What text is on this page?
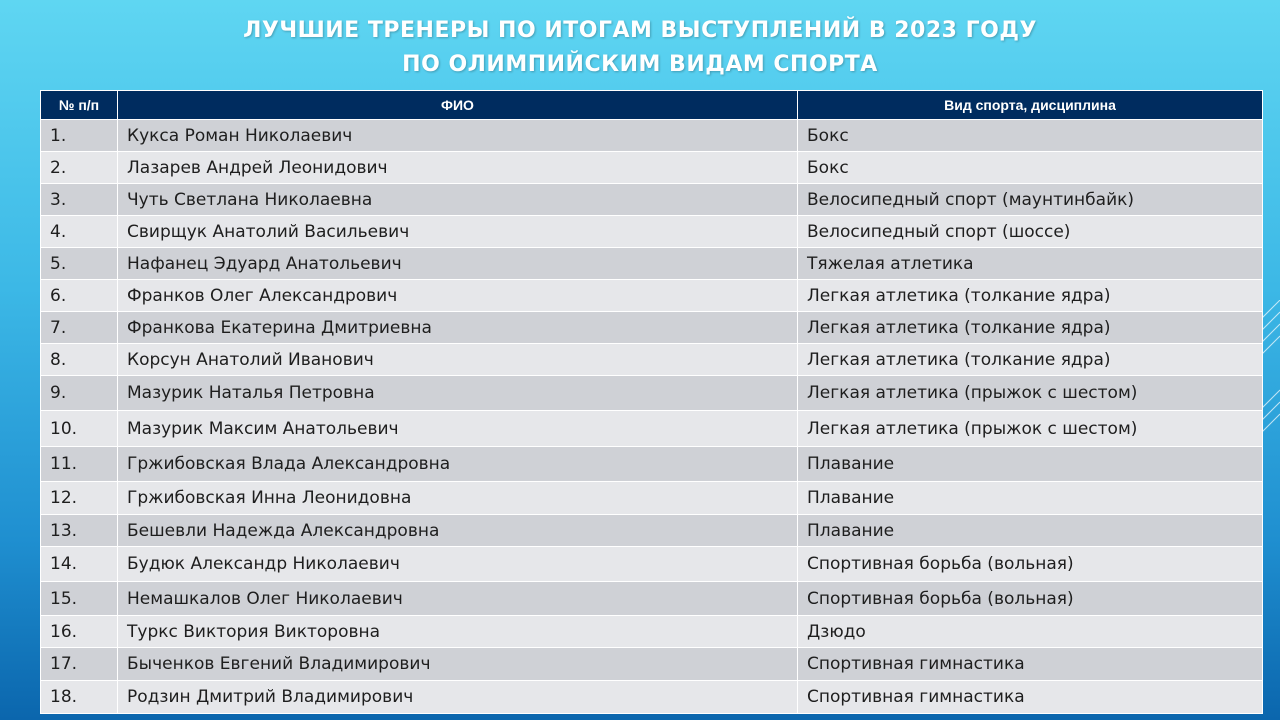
ЛУЧШИЕ ТРЕНЕРЫ ПО ИТОГАМ ВЫСТУПЛЕНИЙ В 2023 ГОДУ
ПО ОЛИМПИЙСКИМ ВИДАМ СПОРТА
№ п/п	ФИО	Вид спорта, дисциплина
1.	Кукса Роман Николаевич	Бокс
2.	Лазарев Андрей Леонидович	Бокс
3.	Чуть Светлана Николаевна	Велосипедный спорт (маунтинбайк)
4.	Свирщук Анатолий Васильевич	Велосипедный спорт (шоссе)
5.	Нафанец Эдуард Анатольевич	Тяжелая атлетика
6.	Франков Олег Александрович	Легкая атлетика (толкание ядра)
7.	Франкова Екатерина Дмитриевна	Легкая атлетика (толкание ядра)
8.	Корсун Анатолий Иванович	Легкая атлетика (толкание ядра)
9.	Мазурик Наталья Петровна	Легкая атлетика (прыжок с шестом)
10.	Мазурик Максим Анатольевич	Легкая атлетика (прыжок с шестом)
11.	Гржибовская Влада Александровна	Плавание
12.	Гржибовская Инна Леонидовна	Плавание
13.	Бешевли Надежда Александровна	Плавание
14.	Будюк Александр Николаевич	Спортивная борьба (вольная)
15.	Немашкалов Олег Николаевич	Спортивная борьба (вольная)
16.	Туркс Виктория Викторовна	Дзюдо
17.	Быченков Евгений Владимирович	Спортивная гимнастика
18.	Родзин Дмитрий Владимирович	Спортивная гимнастика
